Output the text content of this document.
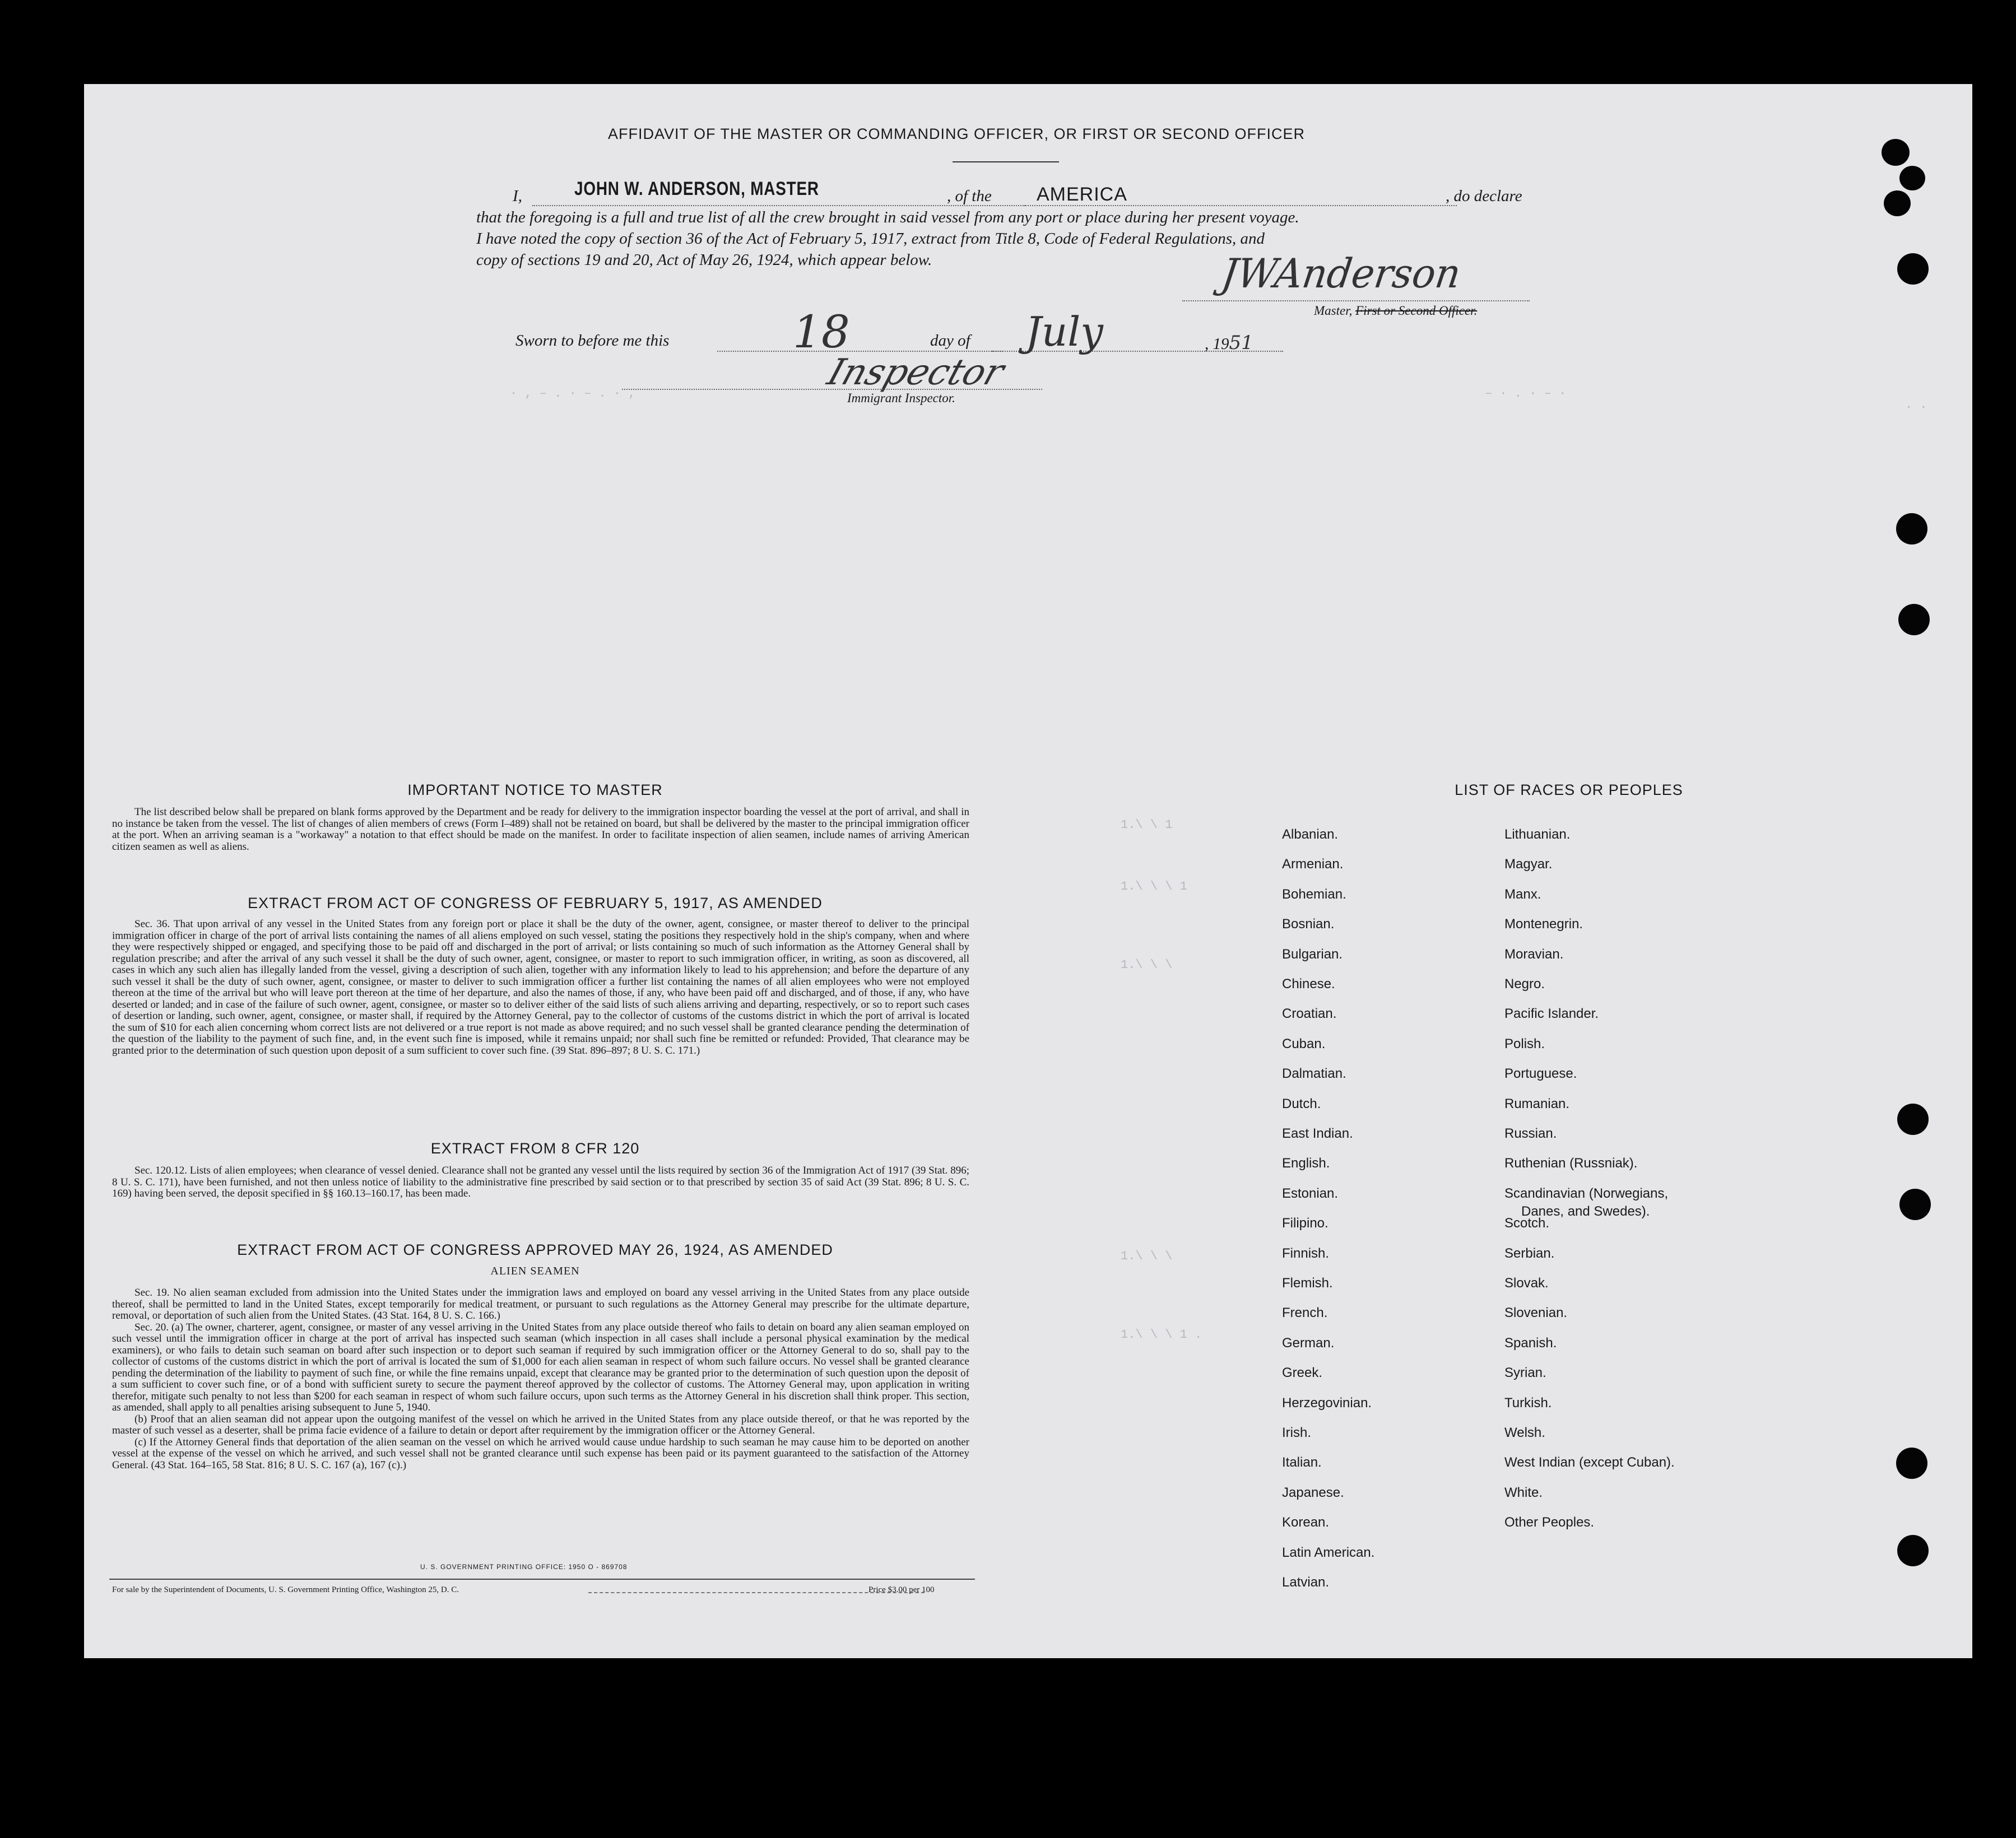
· , – . · – . · ,	– · . · – ·
1.\ \ 1
1.\ \ \ 1
1.\ \ \
1.\ \ \
1.\ \ \ 1 .
. .
AFFIDAVIT OF THE MASTER OR COMMANDING OFFICER, OR FIRST OR SECOND OFFICER
I,	JOHN W. ANDERSON, MASTER	, of the AMERICA	, do declare
that the foregoing is a full and true list of all the crew brought in said vessel from any port or place during her present voyage.
I have noted the copy of section 36 of the Act of February 5, 1917, extract from Title 8, Code of Federal Regulations, and
copy of sections 19 and 20, Act of May 26, 1924, which appear below.	JWAnderson
Master, First or Second Officer.
Sworn to before me this	18	day of July	, 1951
Inspector
Immigrant Inspector.
IMPORTANT NOTICE TO MASTER

The list described below shall be prepared on blank forms approved by the Department and be ready for delivery to the immigration inspector boarding the vessel at the port of arrival, and shall in no instance be taken from the vessel. The list of changes of alien members of crews (Form I–489) shall not be retained on board, but shall be delivered by the master to the principal immigration officer at the port. When an arriving seaman is a "workaway" a notation to that effect should be made on the manifest. In order to facilitate inspection of alien seamen, include names of arriving American citizen seamen as well as aliens.

EXTRACT FROM ACT OF CONGRESS OF FEBRUARY 5, 1917, AS AMENDED

Sec. 36. That upon arrival of any vessel in the United States from any foreign port or place it shall be the duty of the owner, agent, consignee, or master thereof to deliver to the principal immigration officer in charge of the port of arrival lists containing the names of all aliens employed on such vessel, stating the positions they respectively hold in the ship's company, when and where they were respectively shipped or engaged, and specifying those to be paid off and discharged in the port of arrival; or lists containing so much of such information as the Attorney General shall by regulation prescribe; and after the arrival of any such vessel it shall be the duty of such owner, agent, consignee, or master to report to such immigration officer, in writing, as soon as discovered, all cases in which any such alien has illegally landed from the vessel, giving a description of such alien, together with any information likely to lead to his apprehension; and before the departure of any such vessel it shall be the duty of such owner, agent, consignee, or master to deliver to such immigration officer a further list containing the names of all alien employees who were not employed thereon at the time of the arrival but who will leave port thereon at the time of her departure, and also the names of those, if any, who have been paid off and discharged, and of those, if any, who have deserted or landed; and in case of the failure of such owner, agent, consignee, or master so to deliver either of the said lists of such aliens arriving and departing, respectively, or so to report such cases of desertion or landing, such owner, agent, consignee, or master shall, if required by the Attorney General, pay to the collector of customs of the customs district in which the port of arrival is located the sum of $10 for each alien concerning whom correct lists are not delivered or a true report is not made as above required; and no such vessel shall be granted clearance pending the determination of the question of the liability to the payment of such fine, and, in the event such fine is imposed, while it remains unpaid; nor shall such fine be remitted or refunded: Provided, That clearance may be granted prior to the determination of such question upon deposit of a sum sufficient to cover such fine. (39 Stat. 896–897; 8 U. S. C. 171.)

EXTRACT FROM 8 CFR 120

Sec. 120.12. Lists of alien employees; when clearance of vessel denied. Clearance shall not be granted any vessel until the lists required by section 36 of the Immigration Act of 1917 (39 Stat. 896; 8 U. S. C. 171), have been furnished, and not then unless notice of liability to the administrative fine prescribed by said section or to that prescribed by section 35 of said Act (39 Stat. 896; 8 U. S. C. 169) having been served, the deposit specified in §§ 160.13–160.17, has been made.

EXTRACT FROM ACT OF CONGRESS APPROVED MAY 26, 1924, AS AMENDED
ALIEN SEAMEN

Sec. 19. No alien seaman excluded from admission into the United States under the immigration laws and employed on board any vessel arriving in the United States from any place outside thereof, shall be permitted to land in the United States, except temporarily for medical treatment, or pursuant to such regulations as the Attorney General may prescribe for the ultimate departure, removal, or deportation of such alien from the United States. (43 Stat. 164, 8 U. S. C. 166.)

Sec. 20. (a) The owner, charterer, agent, consignee, or master of any vessel arriving in the United States from any place outside thereof who fails to detain on board any alien seaman employed on such vessel until the immigration officer in charge at the port of arrival has inspected such seaman (which inspection in all cases shall include a personal physical examination by the medical examiners), or who fails to detain such seaman on board after such inspection or to deport such seaman if required by such immigration officer or the Attorney General to do so, shall pay to the collector of customs of the customs district in which the port of arrival is located the sum of $1,000 for each alien seaman in respect of whom such failure occurs. No vessel shall be granted clearance pending the determination of the liability to payment of such fine, or while the fine remains unpaid, except that clearance may be granted prior to the determination of such question upon the deposit of a sum sufficient to cover such fine, or of a bond with sufficient surety to secure the payment thereof approved by the collector of customs. The Attorney General may, upon application in writing therefor, mitigate such penalty to not less than $200 for each seaman in respect of whom such failure occurs, upon such terms as the Attorney General in his discretion shall think proper. This section, as amended, shall apply to all penalties arising subsequent to June 5, 1940.

(b) Proof that an alien seaman did not appear upon the outgoing manifest of the vessel on which he arrived in the United States from any place outside thereof, or that he was reported by the master of such vessel as a deserter, shall be prima facie evidence of a failure to detain or deport after requirement by the immigration officer or the Attorney General.

(c) If the Attorney General finds that deportation of the alien seaman on the vessel on which he arrived would cause undue hardship to such seaman he may cause him to be deported on another vessel at the expense of the vessel on which he arrived, and such vessel shall not be granted clearance until such expense has been paid or its payment guaranteed to the satisfaction of the Attorney General. (43 Stat. 164–165, 58 Stat. 816; 8 U. S. C. 167 (a), 167 (c).)

U. S. GOVERNMENT PRINTING OFFICE: 1950 O - 869708
For sale by the Superintendent of Documents, U. S. Government Printing Office, Washington 25, D. C.	Price $3.00 per 100
LIST OF RACES OR PEOPLES
Albanian.
Armenian.
Bohemian.
Bosnian.
Bulgarian.
Chinese.
Croatian.
Cuban.
Dalmatian.
Dutch.
East Indian.
English.
Estonian.
Filipino.
Finnish.
Flemish.
French.
German.
Greek.
Herzegovinian.
Irish.
Italian.
Japanese.
Korean.
Latin American.
Latvian.
Lithuanian.
Magyar.
Manx.
Montenegrin.
Moravian.
Negro.
Pacific Islander.
Polish.
Portuguese.
Rumanian.
Russian.
Ruthenian (Russniak).
Scandinavian (Norwegians,
Danes, and Swedes).
Scotch.
Serbian.
Slovak.
Slovenian.
Spanish.
Syrian.
Turkish.
Welsh.
West Indian (except Cuban).
White.
Other Peoples.
